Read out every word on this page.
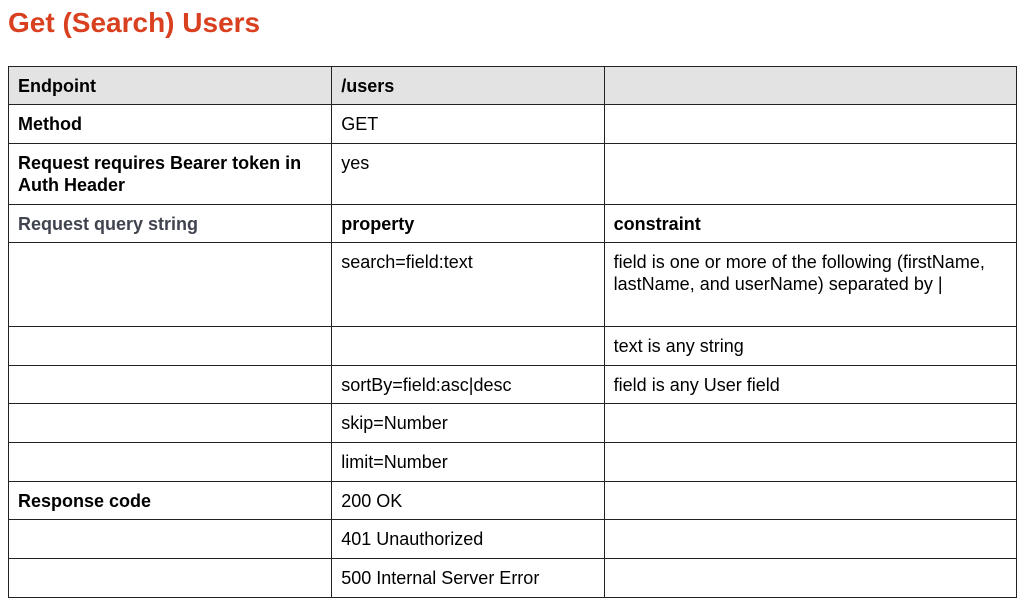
Get (Search) Users
Endpoint	/users	
Method	GET	
Request requires Bearer token in Auth Header	yes	
Request query string	property	constraint
	search=field:text	field is one or more of the following (firstName, lastName, and userName) separated by |
		text is any string
	sortBy=field:asc|desc	field is any User field
	skip=Number	
	limit=Number	
Response code	200 OK	
	401 Unauthorized	
	500 Internal Server Error	
